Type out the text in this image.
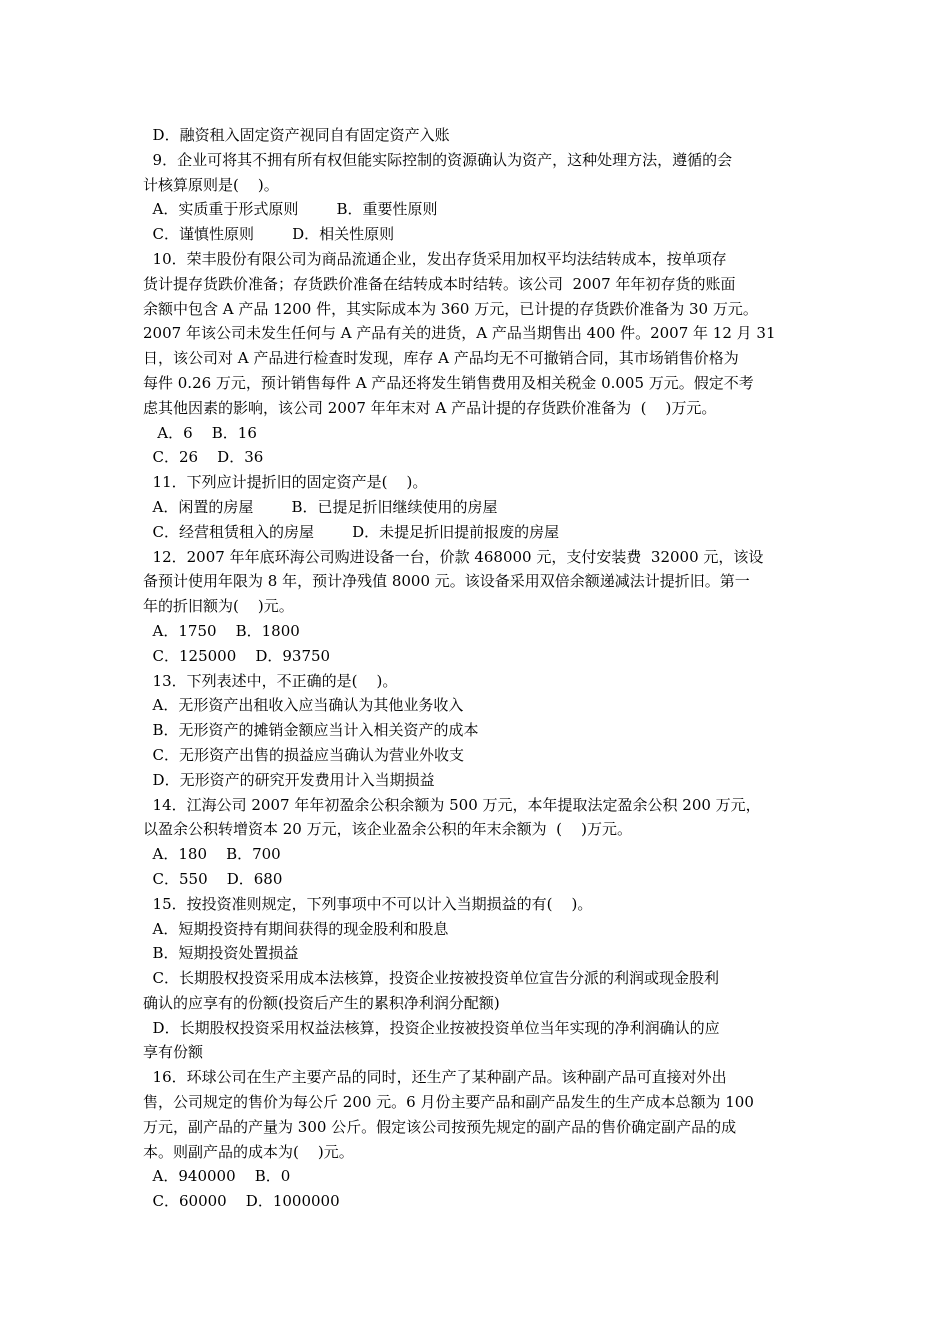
D．融资租入固定资产视同自有固定资产入账
9．企业可将其不拥有所有权但能实际控制的资源确认为资产，这种处理方法，遵循的会
计核算原则是(    )。
A．实质重于形式原则        B．重要性原则
C．谨慎性原则        D．相关性原则
10．荣丰股份有限公司为商品流通企业，发出存货采用加权平均法结转成本，按单项存
货计提存货跌价准备；存货跌价准备在结转成本时结转。该公司  2007 年年初存货的账面
余额中包含 A 产品 1200 件，其实际成本为 360 万元，已计提的存货跌价准备为 30 万元。
2007 年该公司未发生任何与 A 产品有关的进货，A 产品当期售出 400 件。2007 年 12 月 31
日，该公司对 A 产品进行检查时发现，库存 A 产品均无不可撤销合同，其市场销售价格为
每件 0.26 万元，预计销售每件 A 产品还将发生销售费用及相关税金 0.005 万元。假定不考
虑其他因素的影响，该公司 2007 年年末对 A 产品计提的存货跌价准备为  (    )万元。
A．6    B．16
C．26    D．36
11．下列应计提折旧的固定资产是(    )。
A．闲置的房屋        B．已提足折旧继续使用的房屋
C．经营租赁租入的房屋        D．未提足折旧提前报废的房屋
12．2007 年年底环海公司购进设备一台，价款 468000 元，支付安装费  32000 元，该设
备预计使用年限为 8 年，预计净残值 8000 元。该设备采用双倍余额递减法计提折旧。第一
年的折旧额为(    )元。
A．1750    B．1800
C．125000    D．93750
13．下列表述中，不正确的是(    )。
A．无形资产出租收入应当确认为其他业务收入
B．无形资产的摊销金额应当计入相关资产的成本
C．无形资产出售的损益应当确认为营业外收支
D．无形资产的研究开发费用计入当期损益
14．江海公司 2007 年年初盈余公积余额为 500 万元，本年提取法定盈余公积 200 万元，
以盈余公积转增资本 20 万元，该企业盈余公积的年末余额为  (    )万元。
A．180    B．700
C．550    D．680
15．按投资准则规定，下列事项中不可以计入当期损益的有(    )。
A．短期投资持有期间获得的现金股利和股息
B．短期投资处置损益
C．长期股权投资采用成本法核算，投资企业按被投资单位宣告分派的利润或现金股利
确认的应享有的份额(投资后产生的累积净利润分配额)
D．长期股权投资采用权益法核算，投资企业按被投资单位当年实现的净利润确认的应
享有份额
16．环球公司在生产主要产品的同时，还生产了某种副产品。该种副产品可直接对外出
售，公司规定的售价为每公斤 200 元。6 月份主要产品和副产品发生的生产成本总额为 100
万元，副产品的产量为 300 公斤。假定该公司按预先规定的副产品的售价确定副产品的成
本。则副产品的成本为(    )元。
A．940000    B．0
C．60000    D．1000000
